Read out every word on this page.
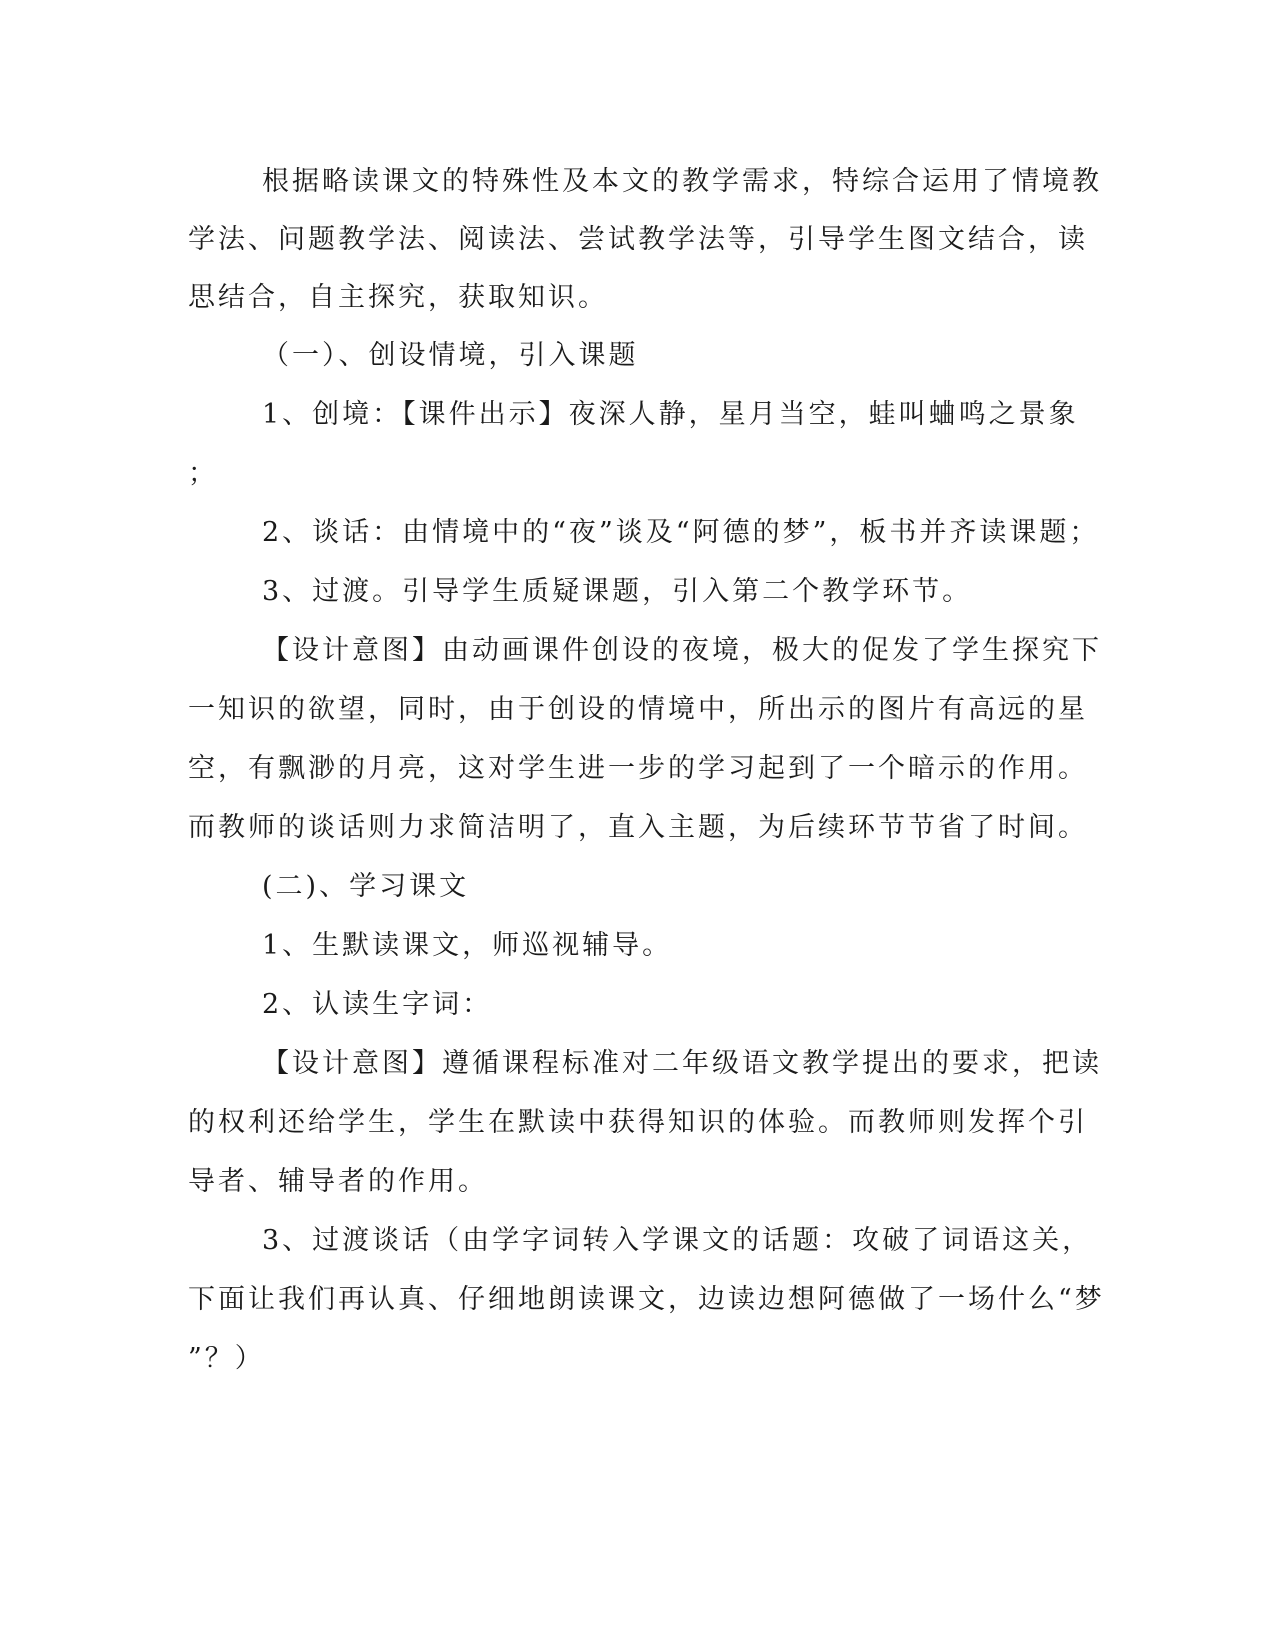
根据略读课文的特殊性及本文的教学需求，特综合运用了情境教
学法、问题教学法、阅读法、尝试教学法等，引导学生图文结合，读
思结合，自主探究，获取知识。
（一）、创设情境，引入课题
1、创境：【课件出示】夜深人静，星月当空，蛙叫蛐鸣之景象
；
2、谈话：由情境中的“夜”谈及“阿德的梦”，板书并齐读课题；
3、过渡。引导学生质疑课题，引入第二个教学环节。
【设计意图】由动画课件创设的夜境，极大的促发了学生探究下
一知识的欲望，同时，由于创设的情境中，所出示的图片有高远的星
空，有飘渺的月亮，这对学生进一步的学习起到了一个暗示的作用。
而教师的谈话则力求简洁明了，直入主题，为后续环节节省了时间。
(二)、学习课文
1、生默读课文，师巡视辅导。
2、认读生字词：
【设计意图】遵循课程标准对二年级语文教学提出的要求，把读
的权利还给学生，学生在默读中获得知识的体验。而教师则发挥个引
导者、辅导者的作用。
3、过渡谈话（由学字词转入学课文的话题：攻破了词语这关，
下面让我们再认真、仔细地朗读课文，边读边想阿德做了一场什么“梦
”？）
